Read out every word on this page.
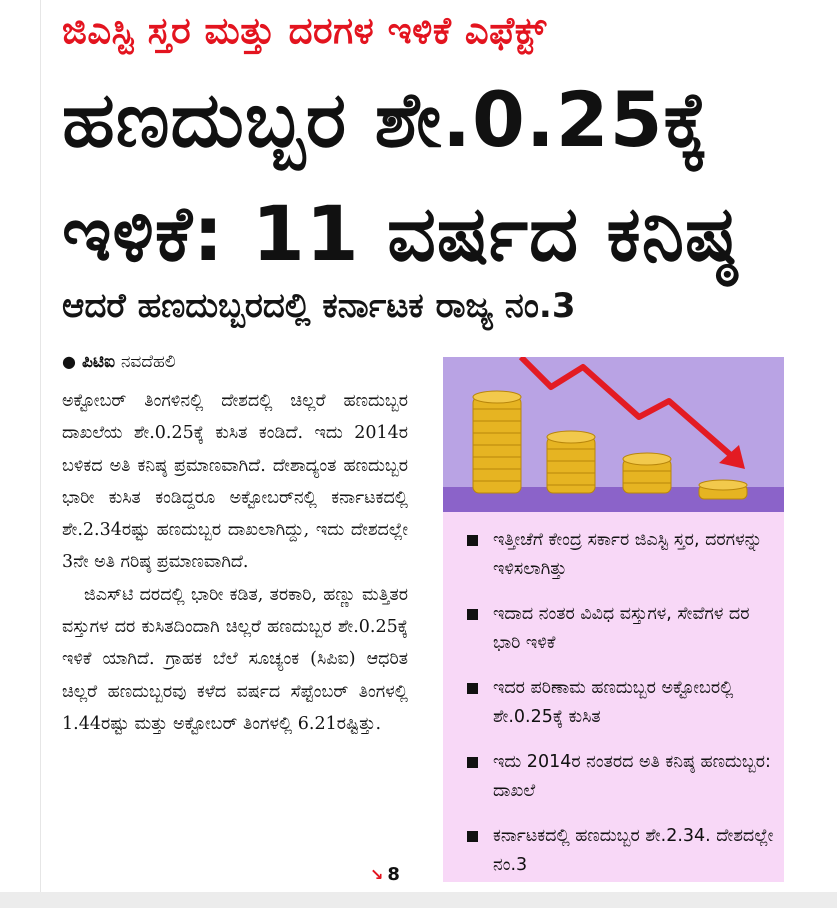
ಜಿಎಸ್ಟಿ ಸ್ತರ ಮತ್ತು ದರಗಳ ಇಳಿಕೆ ಎಫೆಕ್ಟ್
ಹಣದುಬ್ಬರ ಶೇ.0.25ಕ್ಕೆ
ಇಳಿಕೆ: 11 ವರ್ಷದ ಕನಿಷ್ಠ
ಆದರೆ ಹಣದುಬ್ಬರದಲ್ಲಿ ಕರ್ನಾಟಕ ರಾಜ್ಯ ನಂ.3
● ಪಿಟಿಐ ನವದೆಹಲಿ

ಅಕ್ಟೋಬರ್ ತಿಂಗಳಿನಲ್ಲಿ ದೇಶದಲ್ಲಿ ಚಿಲ್ಲರೆ ಹಣದುಬ್ಬರ ದಾಖಲೆಯ ಶೇ.0.25ಕ್ಕೆ ಕುಸಿತ ಕಂಡಿದೆ. ಇದು 2014ರ ಬಳಿಕದ ಅತಿ ಕನಿಷ್ಠ ಪ್ರಮಾಣವಾಗಿದೆ. ದೇಶಾದ್ಯಂತ ಹಣದುಬ್ಬರ ಭಾರೀ ಕುಸಿತ ಕಂಡಿದ್ದರೂ ಅಕ್ಟೋಬರ್‌ನಲ್ಲಿ ಕರ್ನಾಟಕದಲ್ಲಿ ಶೇ.2.34ರಷ್ಟು ಹಣದುಬ್ಬರ ದಾಖಲಾಗಿದ್ದು, ಇದು ದೇಶದಲ್ಲೇ 3ನೇ ಅತಿ ಗರಿಷ್ಠ ಪ್ರಮಾಣವಾಗಿದೆ.

ಜಿಎಸ್‌ಟಿ ದರದಲ್ಲಿ ಭಾರೀ ಕಡಿತ, ತರಕಾರಿ, ಹಣ್ಣು ಮತ್ತಿತರ ವಸ್ತುಗಳ ದರ ಕುಸಿತದಿಂದಾಗಿ ಚಿಲ್ಲರೆ ಹಣದುಬ್ಬರ ಶೇ.0.25ಕ್ಕೆ ಇಳಿಕೆ ಯಾಗಿದೆ. ಗ್ರಾಹಕ ಬೆಲೆ ಸೂಚ್ಯಂಕ (ಸಿಪಿಐ) ಆಧರಿತ ಚಿಲ್ಲರೆ ಹಣದುಬ್ಬರವು ಕಳೆದ ವರ್ಷದ ಸೆಪ್ಟೆಂಬರ್ ತಿಂಗಳಲ್ಲಿ 1.44ರಷ್ಟು ಮತ್ತು ಅಕ್ಟೋಬರ್ ತಿಂಗಳಲ್ಲಿ 6.21ರಷ್ಟಿತ್ತು.

↘ 8
ಇತ್ತೀಚೆಗೆ ಕೇಂದ್ರ ಸರ್ಕಾರ ಜಿಎಸ್ಟಿ ಸ್ತರ, ದರಗಳನ್ನು ಇಳಿಸಲಾಗಿತ್ತು
ಇದಾದ ನಂತರ ವಿವಿಧ ವಸ್ತುಗಳ, ಸೇವೆಗಳ ದರ ಭಾರಿ ಇಳಿಕೆ
ಇದರ ಪರಿಣಾಮ ಹಣದುಬ್ಬರ ಅಕ್ಟೋಬರಲ್ಲಿ ಶೇ.0.25ಕ್ಕೆ ಕುಸಿತ
ಇದು 2014ರ ನಂತರದ ಅತಿ ಕನಿಷ್ಠ ಹಣದುಬ್ಬರ: ದಾಖಲೆ
ಕರ್ನಾಟಕದಲ್ಲಿ ಹಣದುಬ್ಬರ ಶೇ.2.34. ದೇಶದಲ್ಲೇ ನಂ.3
